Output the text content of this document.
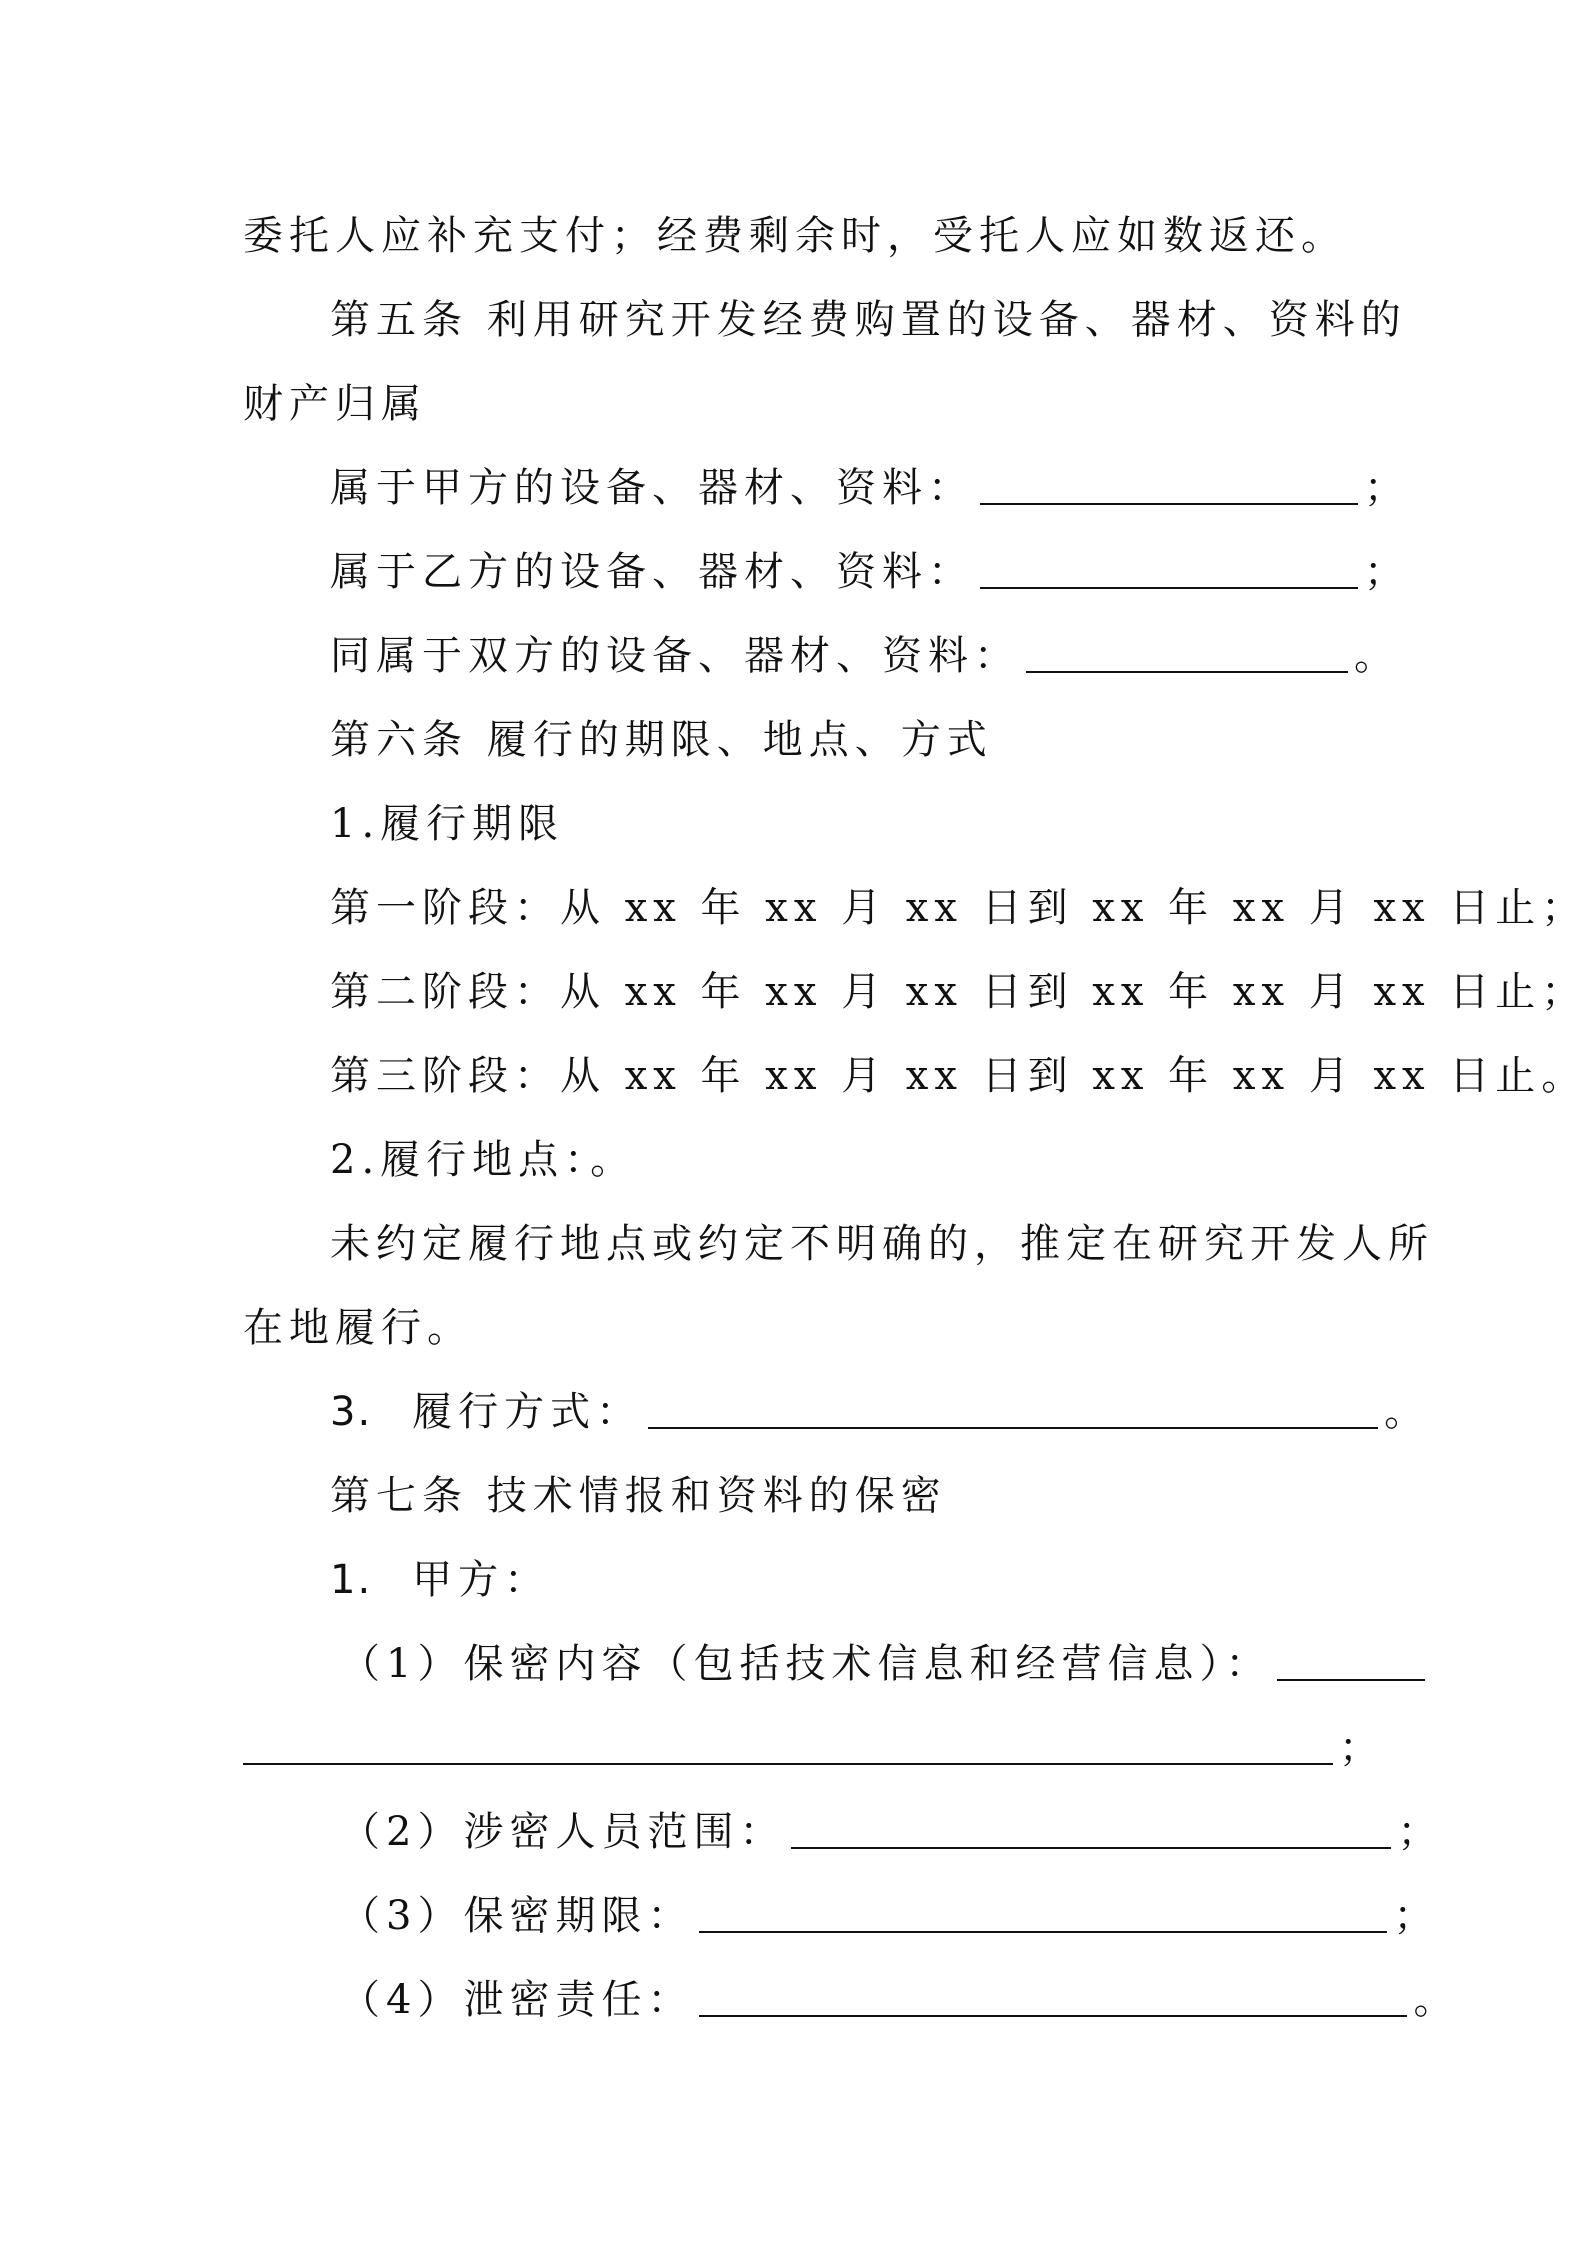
委托人应补充支付；经费剩余时，受托人应如数返还。
第五条 利用研究开发经费购置的设备、器材、资料的
财产归属
属于甲方的设备、器材、资料：	；
属于乙方的设备、器材、资料：	；
同属于双方的设备、器材、资料：	。
第六条 履行的期限、地点、方式
1.履行期限
第一阶段：从 xx 年 xx 月 xx 日到 xx 年 xx 月 xx 日止；
第二阶段：从 xx 年 xx 月 xx 日到 xx 年 xx 月 xx 日止；
第三阶段：从 xx 年 xx 月 xx 日到 xx 年 xx 月 xx 日止。
2.履行地点：。
未约定履行地点或约定不明确的，推定在研究开发人所
在地履行。
3. 履行方式：	。
第七条 技术情报和资料的保密
1. 甲方：
（1）保密内容（包括技术信息和经营信息）：
；
（2）涉密人员范围：	；
（3）保密期限：	；
（4）泄密责任：	。
